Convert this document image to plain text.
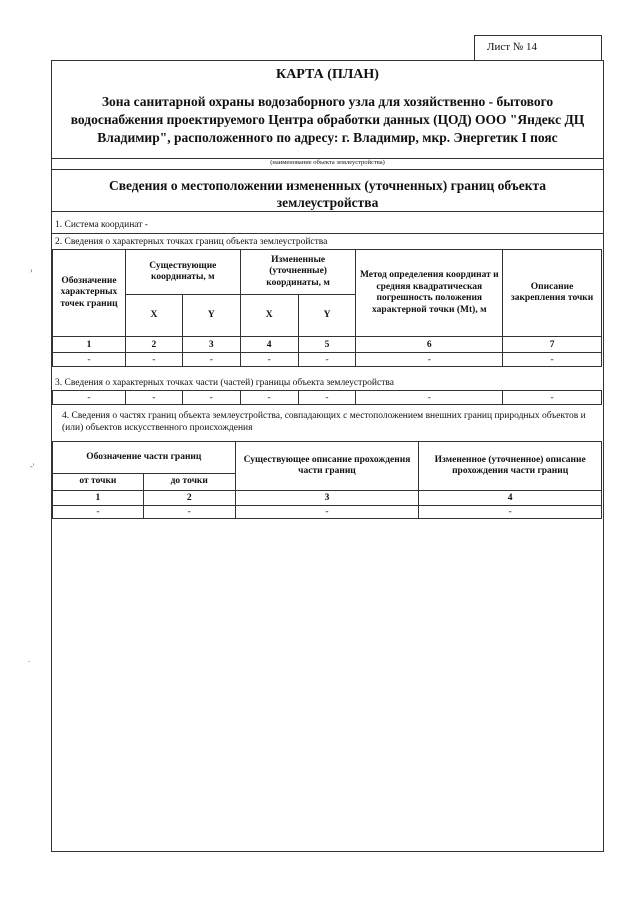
Лист № 14
›
-'
.
КАРТА (ПЛАН)
Зона санитарной охраны водозаборного узла для хозяйственно - бытового водоснабжения проектируемого Центра обработки данных (ЦОД) ООО "Яндекс ДЦ Владимир", расположенного по адресу: г. Владимир, мкр. Энергетик I пояс
(наименование объекта землеустройства)
Сведения о местоположении измененных (уточненных) границ объекта землеустройства
1. Система координат -
2. Сведения о характерных точках границ объекта землеустройства
Обозначение характерных точек границ	Существующие координаты, м		Измененные (уточненные) координаты, м		Метод определения координат и средняя квадратическая погрешность положения характерной точки (Mt), м	Описание закрепления точки
	X	Y	X	Y		
1	2	3	4	5	6	7
-	-	-	-	-	-	-
3. Сведения о характерных точках части (частей) границы объекта землеустройства
-	-	-	-	-	-	-
4. Сведения о частях границ объекта землеустройства, совпадающих с местоположением внешних границ природных объектов и (или) объектов искусственного происхождения
Обозначение части границ		Существующее описание прохождения части границ	Измененное (уточненное) описание прохождения части границ
от точки	до точки		
1	2	3	4
-	-	-	-
